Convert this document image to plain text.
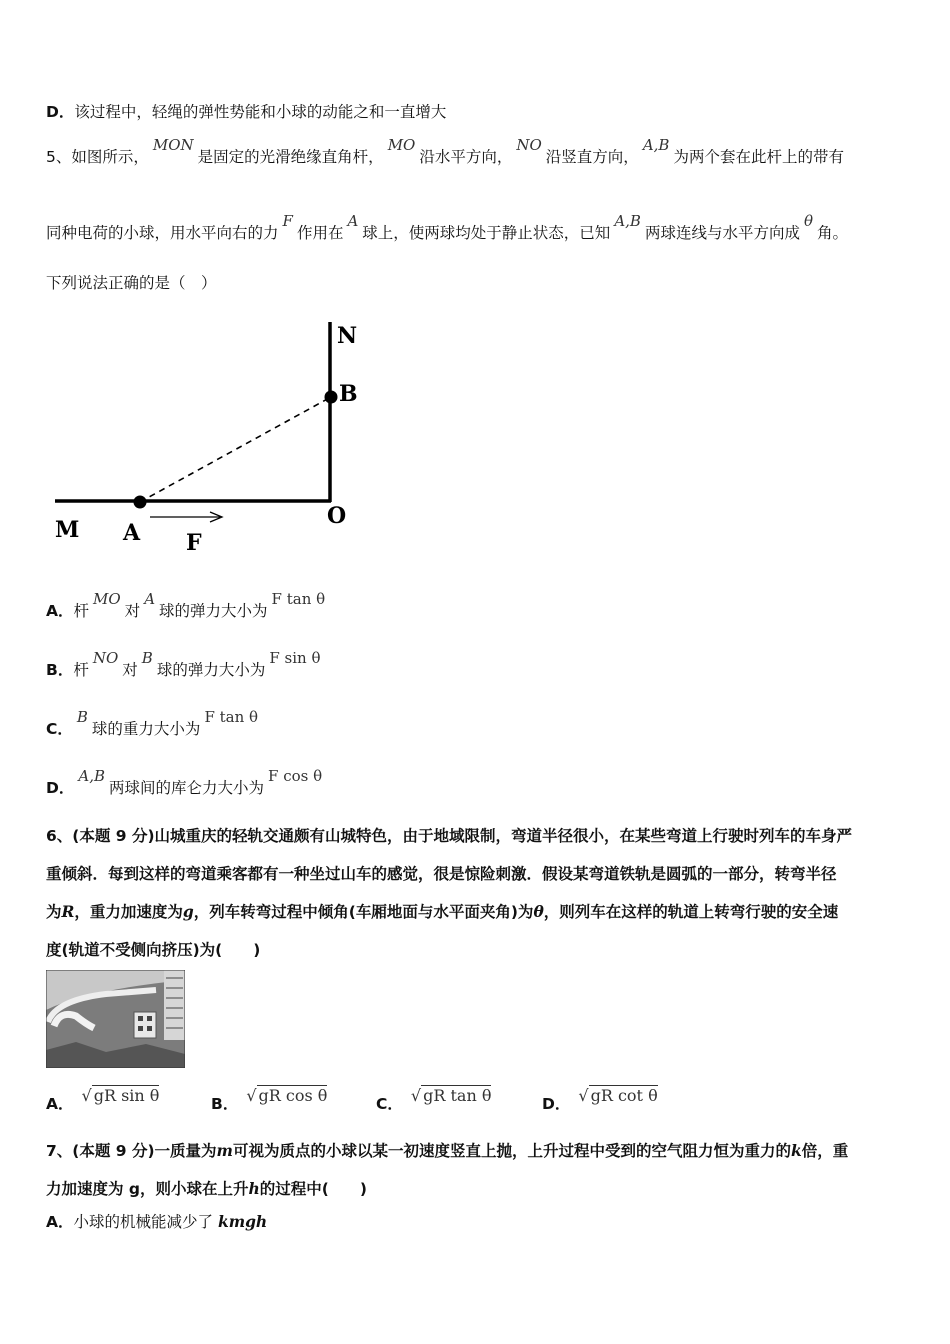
D．该过程中，轻绳的弹性势能和小球的动能之和一直增大
5、如图所示，MON是固定的光滑绝缘直角杆，MO沿水平方向，NO沿竖直方向，A,B为两个套在此杆上的带有
同种电荷的小球，用水平向右的力F作用在A球上，使两球均处于静止状态，已知A,B两球连线与水平方向成θ角。
下列说法正确的是（　）
N
B
O
M A F
A．杆MO对A球的弹力大小为F tan θ
B．杆NO对B球的弹力大小为F sin θ
C．B球的重力大小为F tan θ
D．A,B两球间的库仑力大小为F cos θ
6、(本题 9 分)山城重庆的轻轨交通颇有山城特色，由于地域限制，弯道半径很小，在某些弯道上行驶时列车的车身严
重倾斜．每到这样的弯道乘客都有一种坐过山车的感觉，很是惊险刺激．假设某弯道铁轨是圆弧的一部分，转弯半径
为R，重力加速度为g，列车转弯过程中倾角(车厢地面与水平面夹角)为θ，则列车在这样的轨道上转弯行驶的安全速
度(轨道不受侧向挤压)为(　　)
A． √ gR sin θ	B． √ gR cos θ	C． √ gR tan θ	D． √ gR cot θ
7、(本题 9 分)一质量为m可视为质点的小球以某一初速度竖直上抛，上升过程中受到的空气阻力恒为重力的k倍，重
力加速度为 g，则小球在上升h的过程中(　　)
A．小球的机械能减少了 kmgh
